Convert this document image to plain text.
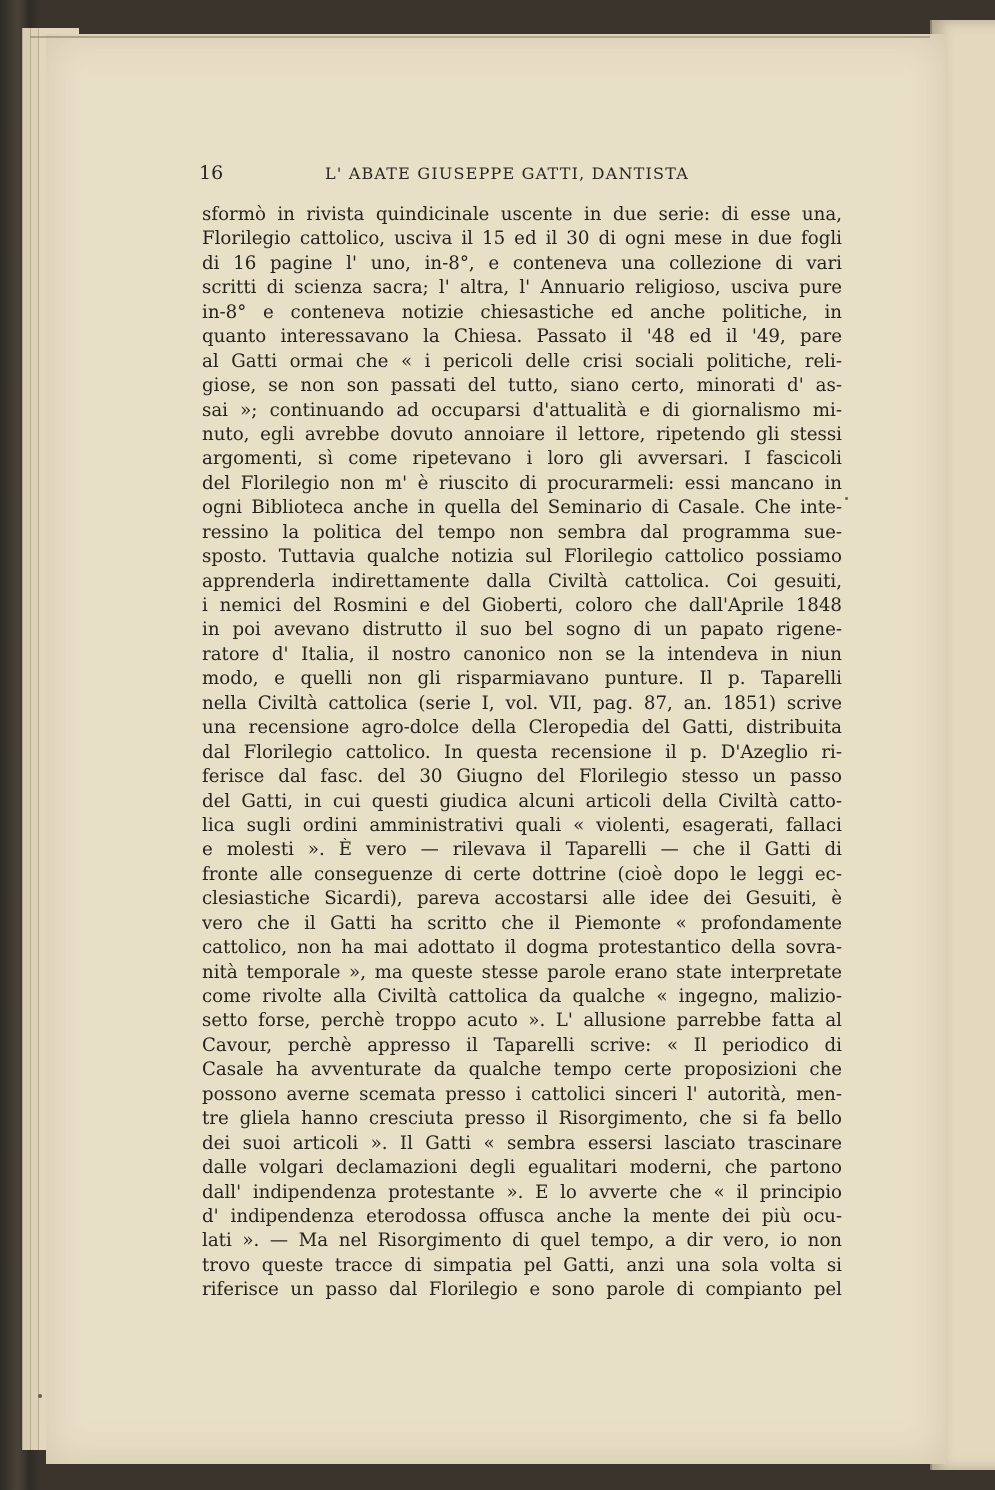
16	L' ABATE GIUSEPPE GATTI, DANTISTA
sformò in rivista quindicinale uscente in due serie: di esse una,
Florilegio cattolico, usciva il 15 ed il 30 di ogni mese in due fogli
di 16 pagine l' uno, in-8°, e conteneva una collezione di vari
scritti di scienza sacra; l' altra, l' Annuario religioso, usciva pure
in-8° e conteneva notizie chiesastiche ed anche politiche, in
quanto interessavano la Chiesa. Passato il '48 ed il '49, pare
al Gatti ormai che « i pericoli delle crisi sociali politiche, reli-
giose, se non son passati del tutto, siano certo, minorati d' as-
sai »; continuando ad occuparsi d'attualità e di giornalismo mi-
nuto, egli avrebbe dovuto annoiare il lettore, ripetendo gli stessi
argomenti, sì come ripetevano i loro gli avversari. I fascicoli
del Florilegio non m' è riuscito di procurarmeli: essi mancano in
ogni Biblioteca anche in quella del Seminario di Casale. Che inte-
ressino la politica del tempo non sembra dal programma sue-
sposto. Tuttavia qualche notizia sul Florilegio cattolico possiamo
apprenderla indirettamente dalla Civiltà cattolica. Coi gesuiti,
i nemici del Rosmini e del Gioberti, coloro che dall'Aprile 1848
in poi avevano distrutto il suo bel sogno di un papato rigene-
ratore d' Italia, il nostro canonico non se la intendeva in niun
modo, e quelli non gli risparmiavano punture. Il p. Taparelli
nella Civiltà cattolica (serie I, vol. VII, pag. 87, an. 1851) scrive
una recensione agro-dolce della Cleropedia del Gatti, distribuita
dal Florilegio cattolico. In questa recensione il p. D'Azeglio ri-
ferisce dal fasc. del 30 Giugno del Florilegio stesso un passo
del Gatti, in cui questi giudica alcuni articoli della Civiltà catto-
lica sugli ordini amministrativi quali « violenti, esagerati, fallaci
e molesti ». È vero — rilevava il Taparelli — che il Gatti di
fronte alle conseguenze di certe dottrine (cioè dopo le leggi ec-
clesiastiche Sicardi), pareva accostarsi alle idee dei Gesuiti, è
vero che il Gatti ha scritto che il Piemonte « profondamente
cattolico, non ha mai adottato il dogma protestantico della sovra-
nità temporale », ma queste stesse parole erano state interpretate
come rivolte alla Civiltà cattolica da qualche « ingegno, malizio-
setto forse, perchè troppo acuto ». L' allusione parrebbe fatta al
Cavour, perchè appresso il Taparelli scrive: « Il periodico di
Casale ha avventurate da qualche tempo certe proposizioni che
possono averne scemata presso i cattolici sinceri l' autorità, men-
tre gliela hanno cresciuta presso il Risorgimento, che si fa bello
dei suoi articoli ». Il Gatti « sembra essersi lasciato trascinare
dalle volgari declamazioni degli egualitari moderni, che partono
dall' indipendenza protestante ». E lo avverte che « il principio
d' indipendenza eterodossa offusca anche la mente dei più ocu-
lati ». — Ma nel Risorgimento di quel tempo, a dir vero, io non
trovo queste tracce di simpatia pel Gatti, anzi una sola volta si
riferisce un passo dal Florilegio e sono parole di compianto pel
